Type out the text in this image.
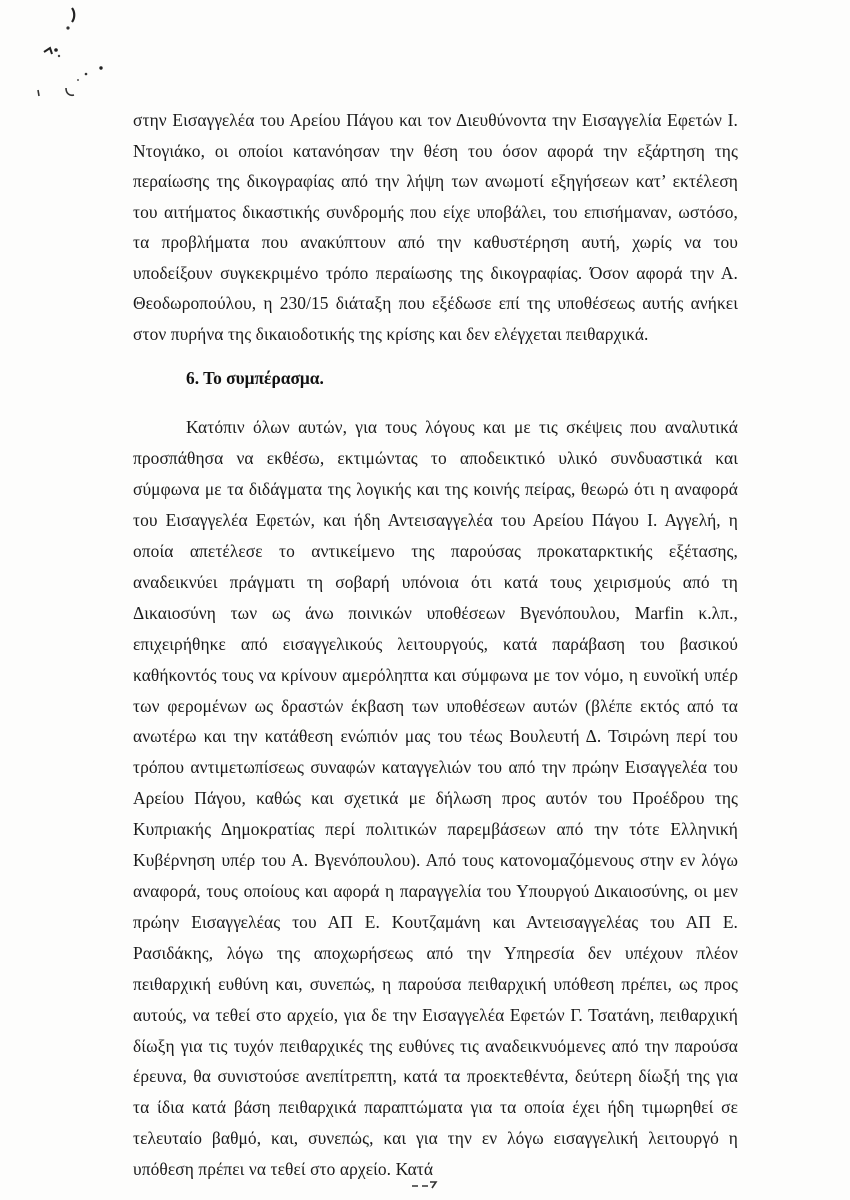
στην Εισαγγελέα του Αρείου Πάγου και τον Διευθύνοντα την Εισαγγελία Εφετών Ι. Ντογιάκο, οι οποίοι κατανόησαν την θέση του όσον αφορά την εξάρτηση της περαίωσης της δικογραφίας από την λήψη των ανωμοτί εξηγήσεων κατ’ εκτέλεση του αιτήματος δικαστικής συνδρομής που είχε υποβάλει, του επισήμαναν, ωστόσο, τα προβλήματα που ανακύπτουν από την καθυστέρηση αυτή, χωρίς να του υποδείξουν συγκεκριμένο τρόπο περαίωσης της δικογραφίας. Όσον αφορά την Α. Θεοδωροπούλου, η 230/15 διάταξη που εξέδωσε επί της υποθέσεως αυτής ανήκει στον πυρήνα της δικαιοδοτικής της κρίσης και δεν ελέγχεται πειθαρχικά.

6. Το συμπέρασμα.

Κατόπιν όλων αυτών, για τους λόγους και με τις σκέψεις που αναλυτικά προσπάθησα να εκθέσω, εκτιμώντας το αποδεικτικό υλικό συνδυαστικά και σύμφωνα με τα διδάγματα της λογικής και της κοινής πείρας, θεωρώ ότι η αναφορά του Εισαγγελέα Εφετών, και ήδη Αντεισαγγελέα του Αρείου Πάγου Ι. Αγγελή, η οποία απετέλεσε το αντικείμενο της παρούσας προκαταρκτικής εξέτασης, αναδεικνύει πράγματι τη σοβαρή υπόνοια ότι κατά τους χειρισμούς από τη Δικαιοσύνη των ως άνω ποινικών υποθέσεων Βγενόπουλου, Marfin κ.λπ., επιχειρήθηκε από εισαγγελικούς λειτουργούς, κατά παράβαση του βασικού καθήκοντός τους να κρίνουν αμερόληπτα και σύμφωνα με τον νόμο, η ευνοϊκή υπέρ των φερομένων ως δραστών έκβαση των υποθέσεων αυτών (βλέπε εκτός από τα ανωτέρω και την κατάθεση ενώπιόν μας του τέως Βουλευτή Δ. Τσιρώνη περί του τρόπου αντιμετωπίσεως συναφών καταγγελιών του από την πρώην Εισαγγελέα του Αρείου Πάγου, καθώς και σχετικά με δήλωση προς αυτόν του Προέδρου της Κυπριακής Δημοκρατίας περί πολιτικών παρεμβάσεων από την τότε Ελληνική Κυβέρνηση υπέρ του Α. Βγενόπουλου). Από τους κατονομαζόμενους στην εν λόγω αναφορά, τους οποίους και αφορά η παραγγελία του Υπουργού Δικαιοσύνης, οι μεν πρώην Εισαγγελέας του ΑΠ Ε. Κουτζαμάνη και Αντεισαγγελέας του ΑΠ Ε. Ρασιδάκης, λόγω της αποχωρήσεως από την Υπηρεσία δεν υπέχουν πλέον πειθαρχική ευθύνη και, συνεπώς, η παρούσα πειθαρχική υπόθεση πρέπει, ως προς αυτούς, να τεθεί στο αρχείο, για δε την Εισαγγελέα Εφετών Γ. Τσατάνη, πειθαρχική δίωξη για τις τυχόν πειθαρχικές της ευθύνες τις αναδεικνυόμενες από την παρούσα έρευνα, θα συνιστούσε ανεπίτρεπτη, κατά τα προεκτεθέντα, δεύτερη δίωξή της για τα ίδια κατά βάση πειθαρχικά παραπτώματα για τα οποία έχει ήδη τιμωρηθεί σε τελευταίο βαθμό, και, συνεπώς, και για την εν λόγω εισαγγελική λειτουργό η υπόθεση πρέπει να τεθεί στο αρχείο. Κατά
